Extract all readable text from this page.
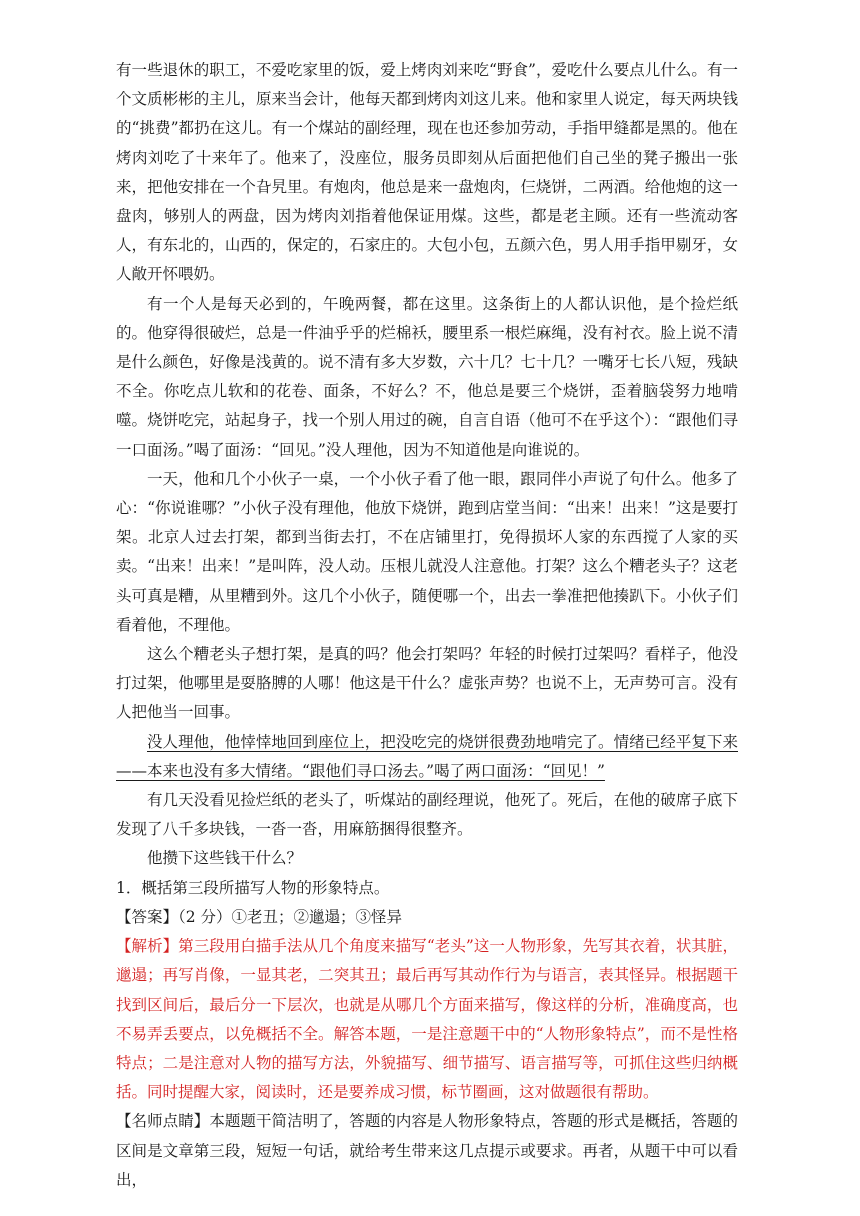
有一些退休的职工，不爱吃家里的饭，爱上烤肉刘来吃“野食”，爱吃什么要点儿什么。有一个文质彬彬的主儿，原来当会计，他每天都到烤肉刘这儿来。他和家里人说定，每天两块钱的“挑费”都扔在这儿。有一个煤站的副经理，现在也还参加劳动，手指甲缝都是黑的。他在烤肉刘吃了十来年了。他来了，没座位，服务员即刻从后面把他们自己坐的凳子搬出一张来，把他安排在一个旮旯里。有炮肉，他总是来一盘炮肉，仨烧饼，二两酒。给他炮的这一盘肉，够别人的两盘，因为烤肉刘指着他保证用煤。这些，都是老主顾。还有一些流动客人，有东北的，山西的，保定的，石家庄的。大包小包，五颜六色，男人用手指甲剔牙，女人敞开怀喂奶。

有一个人是每天必到的，午晚两餐，都在这里。这条街上的人都认识他，是个捡烂纸的。他穿得很破烂，总是一件油乎乎的烂棉袄，腰里系一根烂麻绳，没有衬衣。脸上说不清是什么颜色，好像是浅黄的。说不清有多大岁数，六十几？七十几？一嘴牙七长八短，残缺不全。你吃点儿软和的花卷、面条，不好么？不，他总是要三个烧饼，歪着脑袋努力地啃噬。烧饼吃完，站起身子，找一个别人用过的碗，自言自语（他可不在乎这个）：“跟他们寻一口面汤。”喝了面汤：“回见。”没人理他，因为不知道他是向谁说的。

一天，他和几个小伙子一桌，一个小伙子看了他一眼，跟同伴小声说了句什么。他多了心：“你说谁哪？”小伙子没有理他，他放下烧饼，跑到店堂当间：“出来！出来！”这是要打架。北京人过去打架，都到当街去打，不在店铺里打，免得损坏人家的东西搅了人家的买卖。“出来！出来！”是叫阵，没人动。压根儿就没人注意他。打架？这么个糟老头子？这老头可真是糟，从里糟到外。这几个小伙子，随便哪一个，出去一拳准把他揍趴下。小伙子们看着他，不理他。

这么个糟老头子想打架，是真的吗？他会打架吗？年轻的时候打过架吗？看样子，他没打过架，他哪里是耍胳膊的人哪！他这是干什么？虚张声势？也说不上，无声势可言。没有人把他当一回事。

没人理他，他悻悻地回到座位上，把没吃完的烧饼很费劲地啃完了。情绪已经平复下来——本来也没有多大情绪。“跟他们寻口汤去。”喝了两口面汤：“回见！”

有几天没看见捡烂纸的老头了，听煤站的副经理说，他死了。死后，在他的破席子底下发现了八千多块钱，一沓一沓，用麻筋捆得很整齐。

他攒下这些钱干什么？

1．概括第三段所描写人物的形象特点。

【答案】（2 分）①老丑；②邋遢；③怪异

【解析】第三段用白描手法从几个角度来描写“老头”这一人物形象，先写其衣着，状其脏，邋遢；再写肖像，一显其老，二突其丑；最后再写其动作行为与语言，表其怪异。根据题干找到区间后，最后分一下层次，也就是从哪几个方面来描写，像这样的分析，准确度高，也不易弄丢要点，以免概括不全。解答本题，一是注意题干中的“人物形象特点”，而不是性格特点；二是注意对人物的描写方法，外貌描写、细节描写、语言描写等，可抓住这些归纳概括。同时提醒大家，阅读时，还是要养成习惯，标节圈画，这对做题很有帮助。

【名师点睛】本题题干简洁明了，答题的内容是人物形象特点，答题的形式是概括，答题的区间是文章第三段，短短一句话，就给考生带来这几点提示或要求。再者，从题干中可以看出，
